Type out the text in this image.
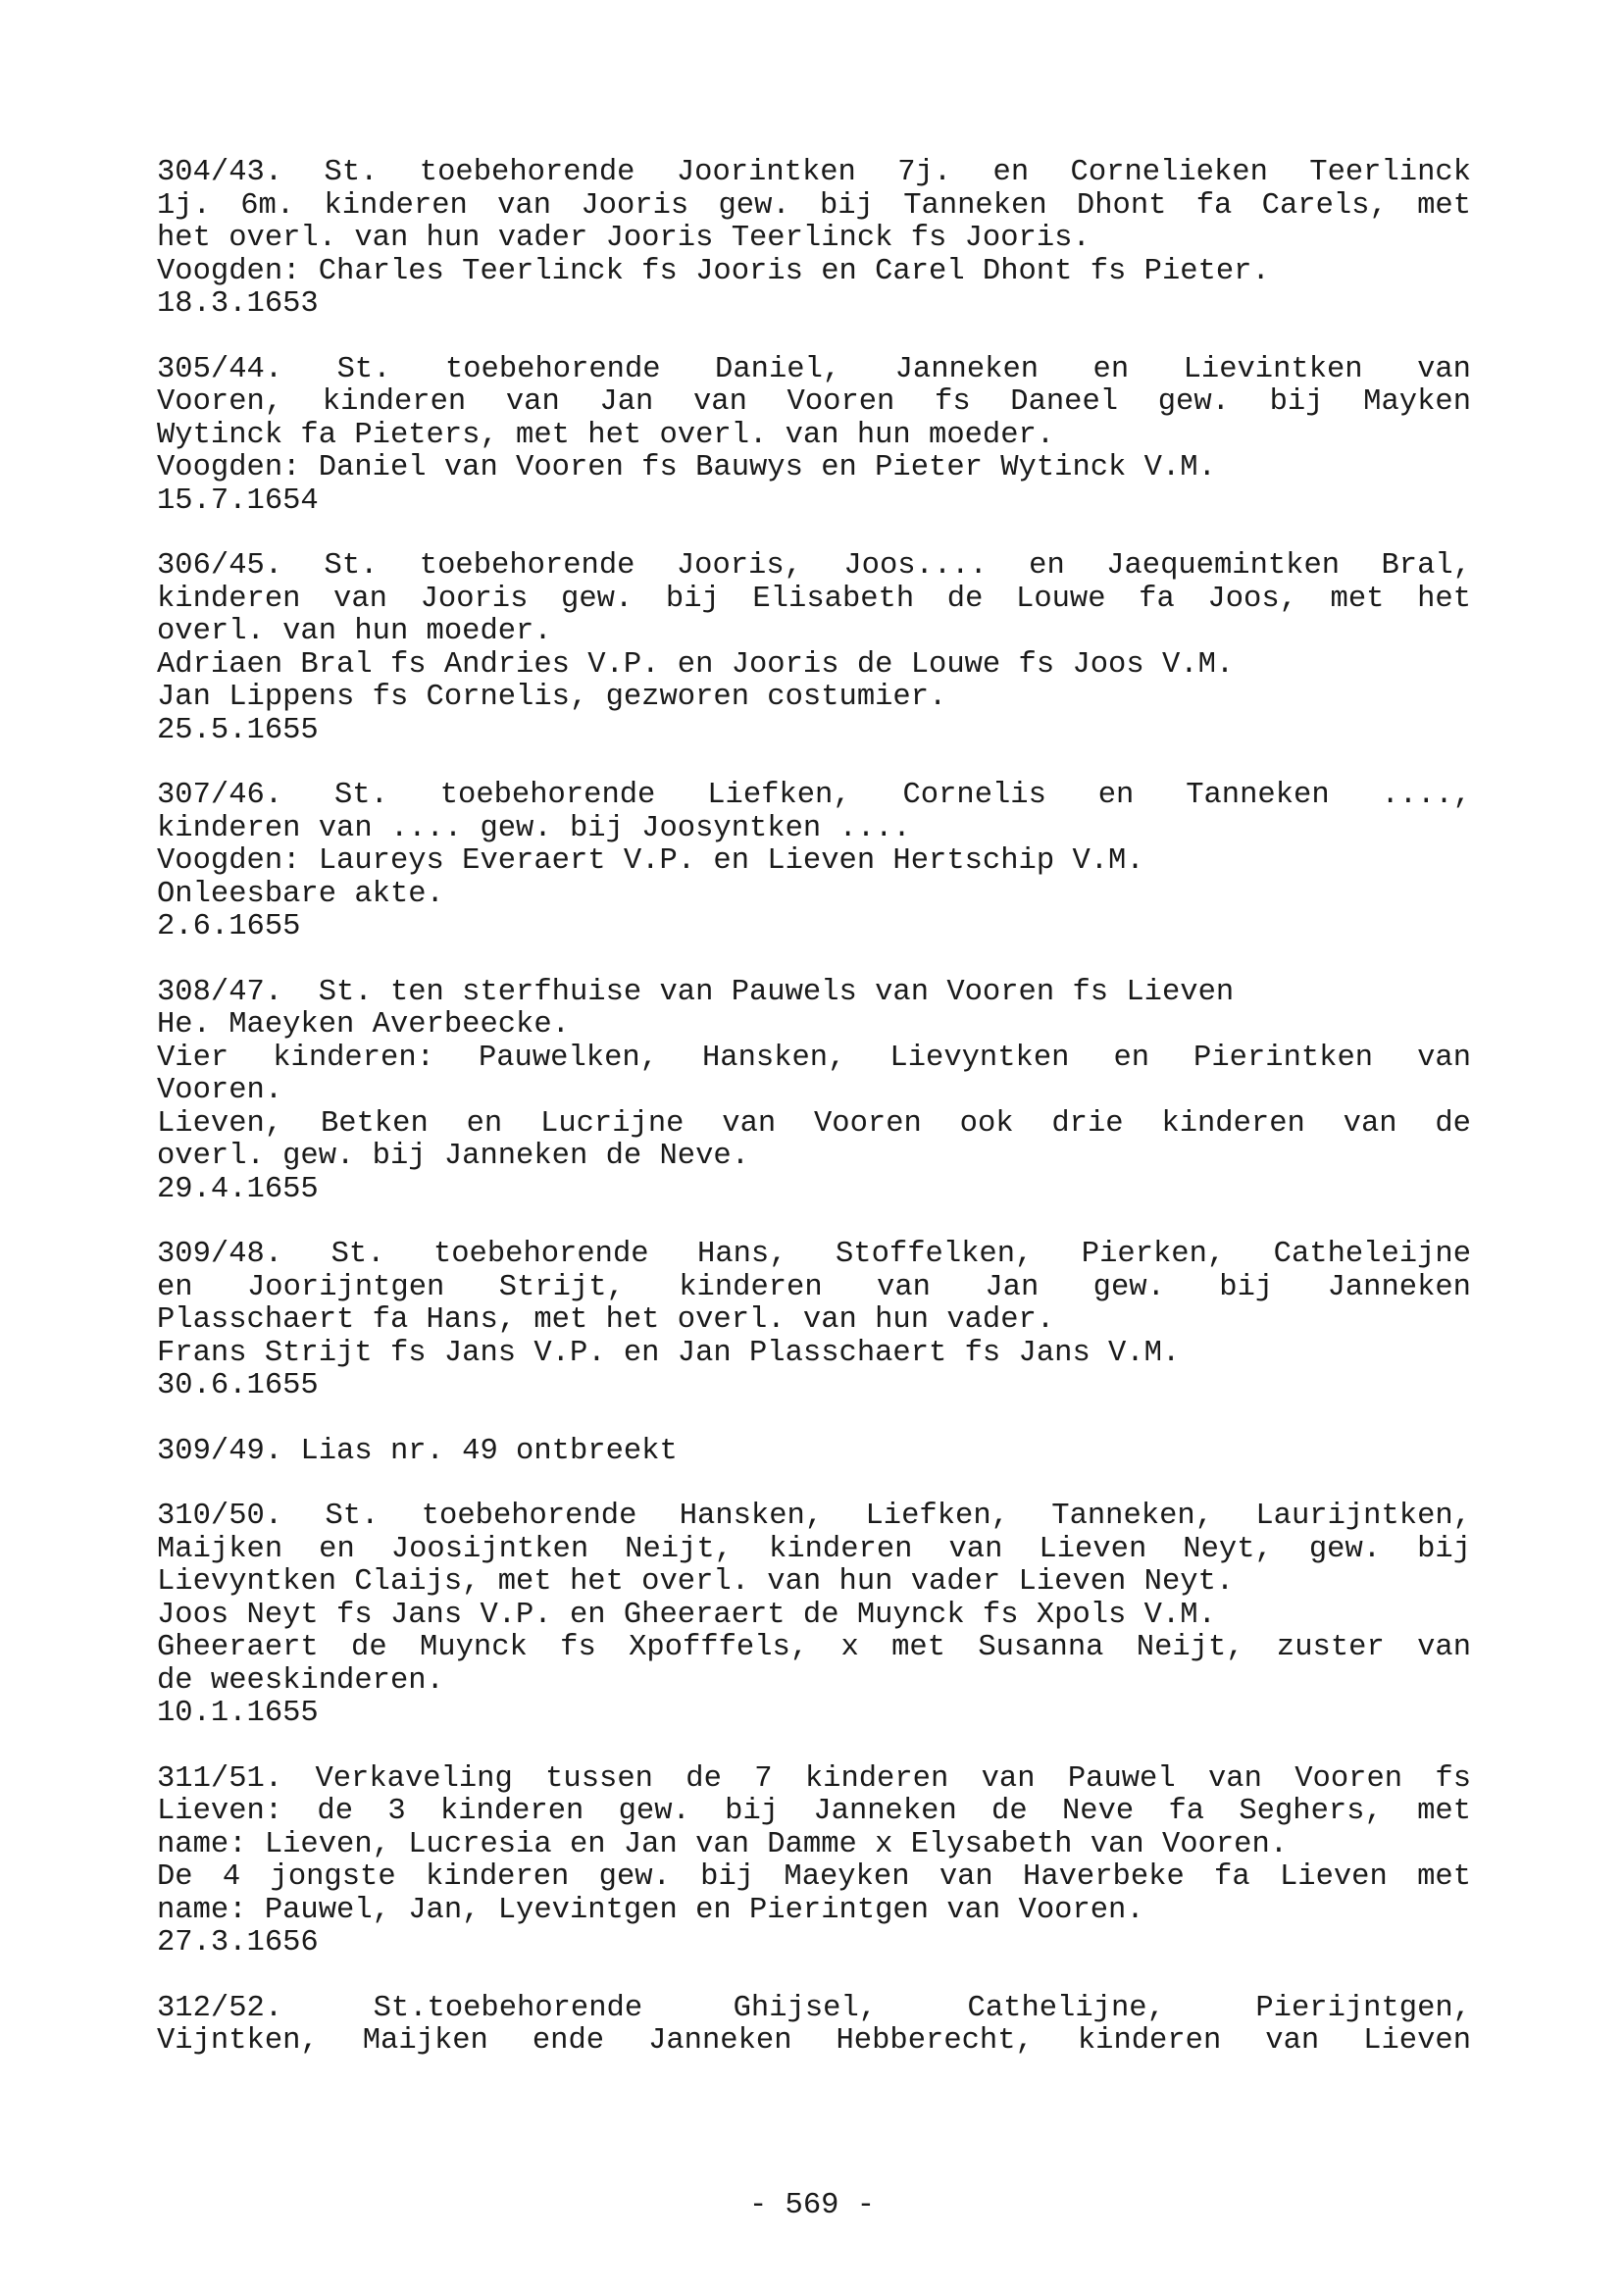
304/43. St. toebehorende Joorintken 7j. en Cornelieken Teerlinck
1j. 6m. kinderen van Jooris gew. bij Tanneken Dhont fa Carels, met
het overl. van hun vader Jooris Teerlinck fs Jooris.
Voogden: Charles Teerlinck fs Jooris en Carel Dhont fs Pieter.
18.3.1653
305/44. St. toebehorende Daniel, Janneken en Lievintken van
Vooren, kinderen van Jan van Vooren fs Daneel gew. bij Mayken
Wytinck fa Pieters, met het overl. van hun moeder.
Voogden: Daniel van Vooren fs Bauwys en Pieter Wytinck V.M.
15.7.1654
306/45. St. toebehorende Jooris, Joos.... en Jaequemintken Bral,
kinderen van Jooris gew. bij Elisabeth de Louwe fa Joos, met het
overl. van hun moeder.
Adriaen Bral fs Andries V.P. en Jooris de Louwe fs Joos V.M.
Jan Lippens fs Cornelis, gezworen costumier.
25.5.1655
307/46. St. toebehorende Liefken, Cornelis en Tanneken ....,
kinderen van .... gew. bij Joosyntken ....
Voogden: Laureys Everaert V.P. en Lieven Hertschip V.M.
Onleesbare akte.
2.6.1655
308/47.  St. ten sterfhuise van Pauwels van Vooren fs Lieven
He. Maeyken Averbeecke.
Vier kinderen: Pauwelken, Hansken, Lievyntken en Pierintken van
Vooren.
Lieven, Betken en Lucrijne van Vooren ook drie kinderen van de
overl. gew. bij Janneken de Neve.
29.4.1655
309/48. St. toebehorende Hans, Stoffelken, Pierken, Catheleijne
en Joorijntgen Strijt, kinderen van Jan gew. bij Janneken
Plasschaert fa Hans, met het overl. van hun vader.
Frans Strijt fs Jans V.P. en Jan Plasschaert fs Jans V.M.
30.6.1655
309/49. Lias nr. 49 ontbreekt
310/50. St. toebehorende Hansken, Liefken, Tanneken, Laurijntken,
Maijken en Joosijntken Neijt, kinderen van Lieven Neyt, gew. bij
Lievyntken Claijs, met het overl. van hun vader Lieven Neyt.
Joos Neyt fs Jans V.P. en Gheeraert de Muynck fs Xpols V.M.
Gheeraert de Muynck fs Xpofffels, x met Susanna Neijt, zuster van
de weeskinderen.
10.1.1655
311/51. Verkaveling tussen de 7 kinderen van Pauwel van Vooren fs
Lieven: de 3 kinderen gew. bij Janneken de Neve fa Seghers, met
name: Lieven, Lucresia en Jan van Damme x Elysabeth van Vooren.
De 4 jongste kinderen gew. bij Maeyken van Haverbeke fa Lieven met
name: Pauwel, Jan, Lyevintgen en Pierintgen van Vooren.
27.3.1656
312/52. St.toebehorende Ghijsel, Cathelijne, Pierijntgen,
Vijntken, Maijken ende Janneken Hebberecht, kinderen van Lieven
- 569 -
